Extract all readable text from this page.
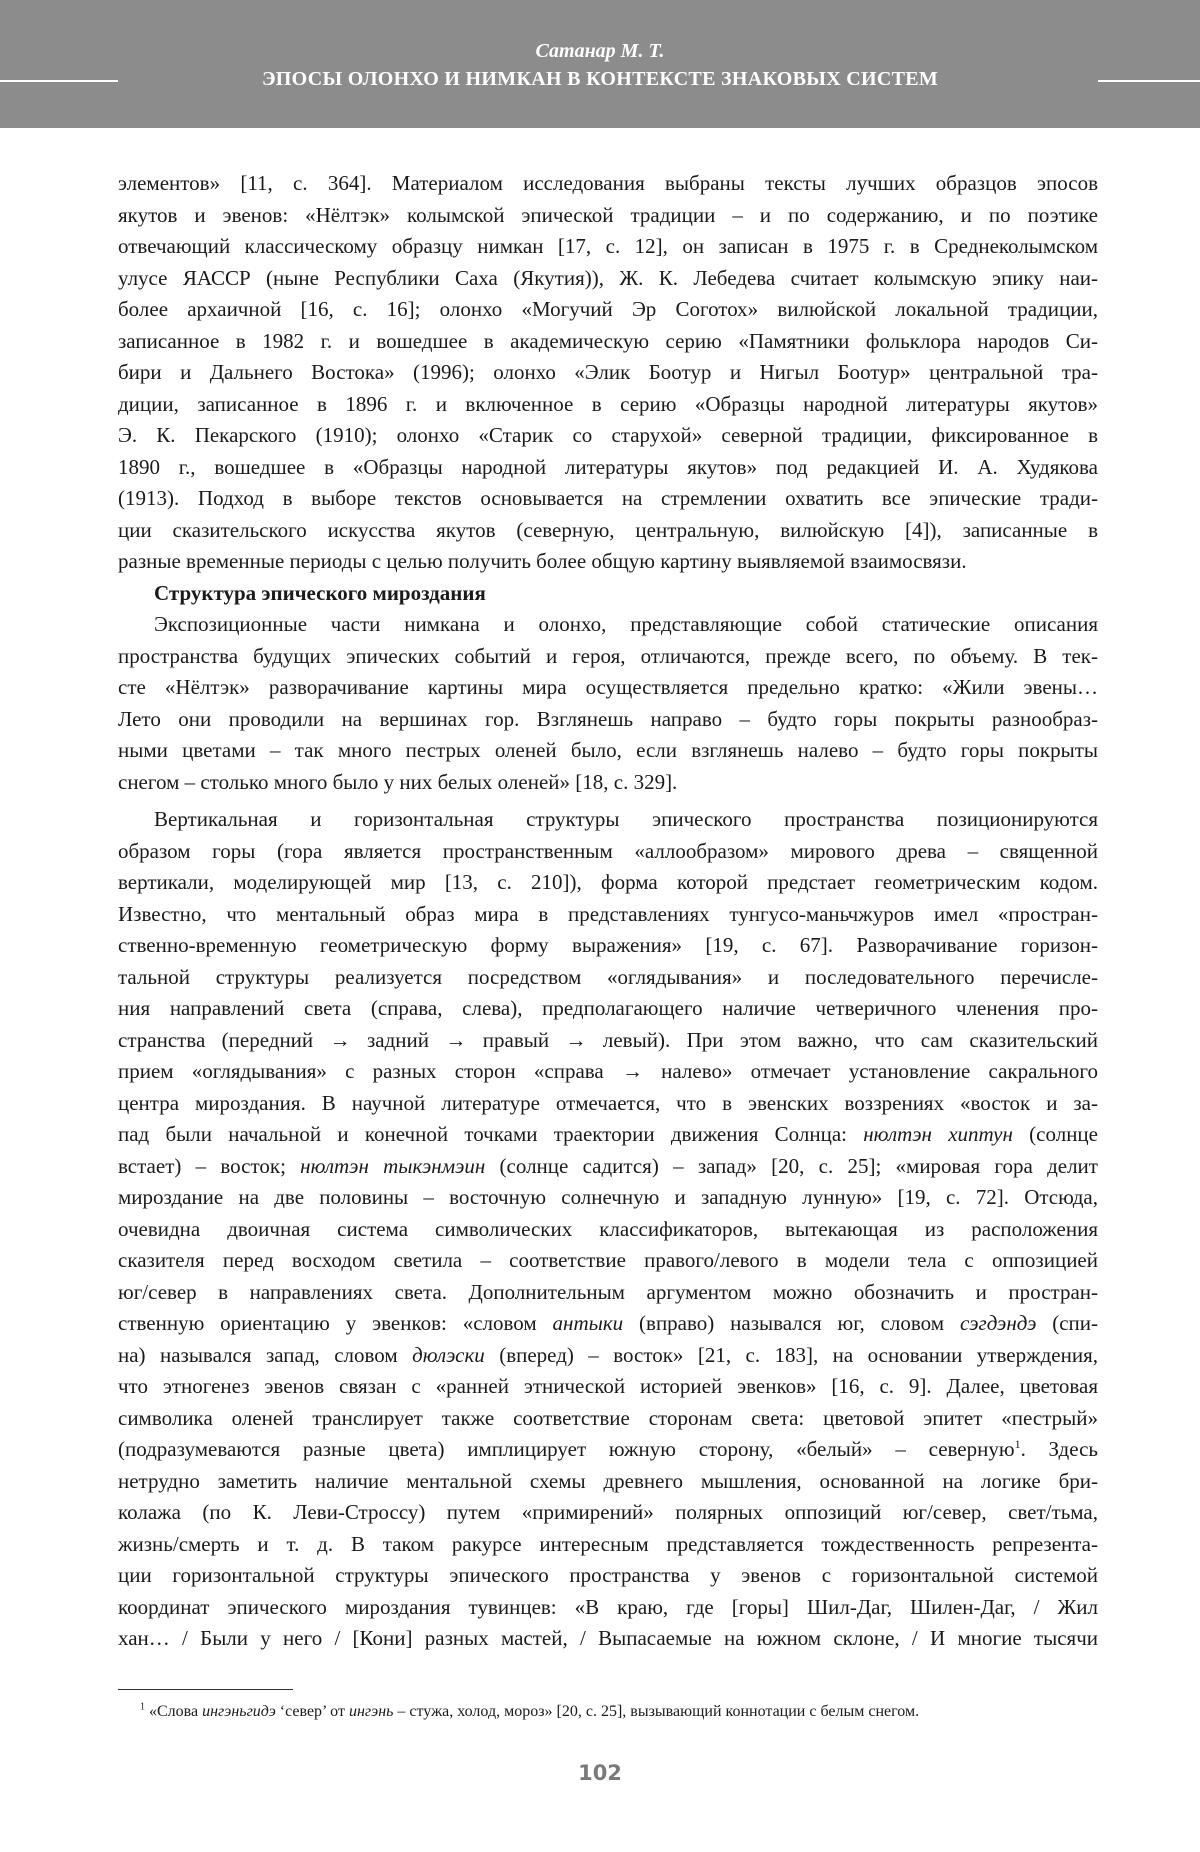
Сатанар М. Т.
ЭПОСЫ ОЛОНХО И НИМКАН В КОНТЕКСТЕ ЗНАКОВЫХ СИСТЕМ
элементов» [11, с. 364]. Материалом исследования выбраны тексты лучших образцов эпосов
якутов и эвенов: «Нёлтэк» колымской эпической традиции – и по содержанию, и по поэтике
отвечающий классическому образцу нимкан [17, с. 12], он записан в 1975 г. в Среднеколымском
улусе ЯАССР (ныне Республики Саха (Якутия)), Ж. К. Лебедева считает колымскую эпику наи-
более архаичной [16, с. 16]; олонхо «Могучий Эр Соготох» вилюйской локальной традиции,
записанное в 1982 г. и вошедшее в академическую серию «Памятники фольклора народов Си-
бири и Дальнего Востока» (1996); олонхо «Элик Боотур и Нигыл Боотур» центральной тра-
диции, записанное в 1896 г. и включенное в серию «Образцы народной литературы якутов»
Э. К. Пекарского (1910); олонхо «Старик со старухой» северной традиции, фиксированное в
1890 г., вошедшее в «Образцы народной литературы якутов» под редакцией И. А. Худякова
(1913). Подход в выборе текстов основывается на стремлении охватить все эпические тради-
ции сказительского искусства якутов (северную, центральную, вилюйскую [4]), записанные в
разные временные периоды с целью получить более общую картину выявляемой взаимосвязи.
Структура эпического мироздания
Экспозиционные части нимкана и олонхо, представляющие собой статические описания
пространства будущих эпических событий и героя, отличаются, прежде всего, по объему. В тек-
сте «Нёлтэк» разворачивание картины мира осуществляется предельно кратко: «Жили эвены…
Лето они проводили на вершинах гор. Взглянешь направо – будто горы покрыты разнообраз-
ными цветами – так много пестрых оленей было, если взглянешь налево – будто горы покрыты
снегом – столько много было у них белых оленей» [18, с. 329].
Вертикальная и горизонтальная структуры эпического пространства позиционируются
образом горы (гора является пространственным «аллообразом» мирового древа – священной
вертикали, моделирующей мир [13, с. 210]), форма которой предстает геометрическим кодом.
Известно, что ментальный образ мира в представлениях тунгусо-маньчжуров имел «простран-
ственно-временную геометрическую форму выражения» [19, с. 67]. Разворачивание горизон-
тальной структуры реализуется посредством «оглядывания» и последовательного перечисле-
ния направлений света (справа, слева), предполагающего наличие четверичного членения про-
странства (передний → задний → правый → левый). При этом важно, что сам сказительский
прием «оглядывания» с разных сторон «справа → налево» отмечает установление сакрального
центра мироздания. В научной литературе отмечается, что в эвенских воззрениях «восток и за-
пад были начальной и конечной точками траектории движения Солнца: нюлтэн хиптун (солнце
встает) – восток; нюлтэн тыкэнмэин (солнце садится) – запад» [20, с. 25]; «мировая гора делит
мироздание на две половины – восточную солнечную и западную лунную» [19, с. 72]. Отсюда,
очевидна двоичная система символических классификаторов, вытекающая из расположения
сказителя перед восходом светила – соответствие правого/левого в модели тела с оппозицией
юг/север в направлениях света. Дополнительным аргументом можно обозначить и простран-
ственную ориентацию у эвенков: «словом антыки (вправо) назывался юг, словом сэгдэндэ (спи-
на) назывался запад, словом дюлэски (вперед) – восток» [21, с. 183], на основании утверждения,
что этногенез эвенов связан с «ранней этнической историей эвенков» [16, с. 9]. Далее, цветовая
символика оленей транслирует также соответствие сторонам света: цветовой эпитет «пестрый»
(подразумеваются разные цвета) имплицирует южную сторону, «белый» – северную$^1$. Здесь
нетрудно заметить наличие ментальной схемы древнего мышления, основанной на логике бри-
колажа (по К. Леви-Строссу) путем «примирений» полярных оппозиций юг/север, свет/тьма,
жизнь/смерть и т. д. В таком ракурсе интересным представляется тождественность репрезента-
ции горизонтальной структуры эпического пространства у эвенов с горизонтальной системой
координат эпического мироздания тувинцев: «В краю, где [горы] Шил-Даг, Шилен-Даг, / Жил
хан… / Были у него / [Кони] разных мастей, / Выпасаемые на южном склоне, / И многие тысячи
$^1$ «Слова ингэньгидэ ‘север’ от ингэнь – стужа, холод, мороз» [20, с. 25], вызывающий коннотации с белым снегом.
102
